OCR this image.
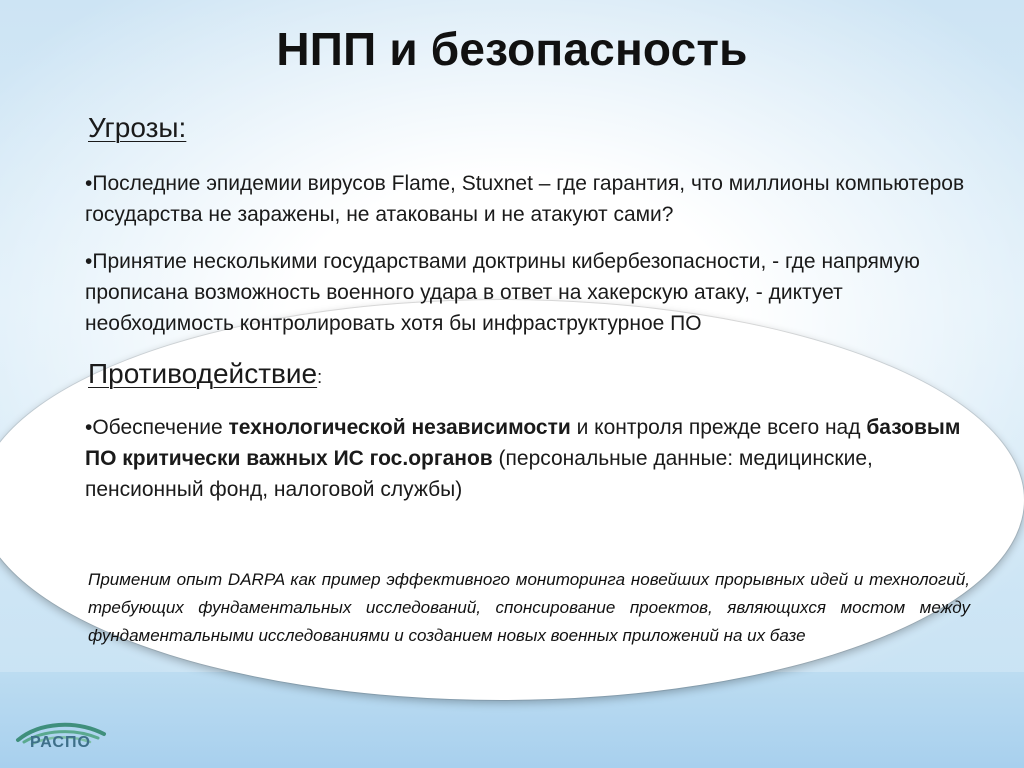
НПП и безопасность
Угрозы:
•Последние эпидемии вирусов Flame, Stuxnet – где гарантия, что миллионы компьютеров государства не заражены, не атакованы и не атакуют сами?
•Принятие несколькими государствами доктрины кибербезопасности, - где напрямую прописана возможность военного удара в ответ на хакерскую атаку, - диктует необходимость контролировать хотя бы инфраструктурное ПО
Противодействие:
•Обеспечение технологической независимости и контроля прежде всего над базовым ПО критически важных ИС гос.органов (персональные данные: медицинские, пенсионный фонд, налоговой службы)
Применим опыт DARPA как пример эффективного мониторинга новейших прорывных идей и технологий, требующих фундаментальных исследований, спонсирование проектов, являющихся мостом между фундаментальными исследованиями и созданием новых военных приложений на их базе
РАСПО
